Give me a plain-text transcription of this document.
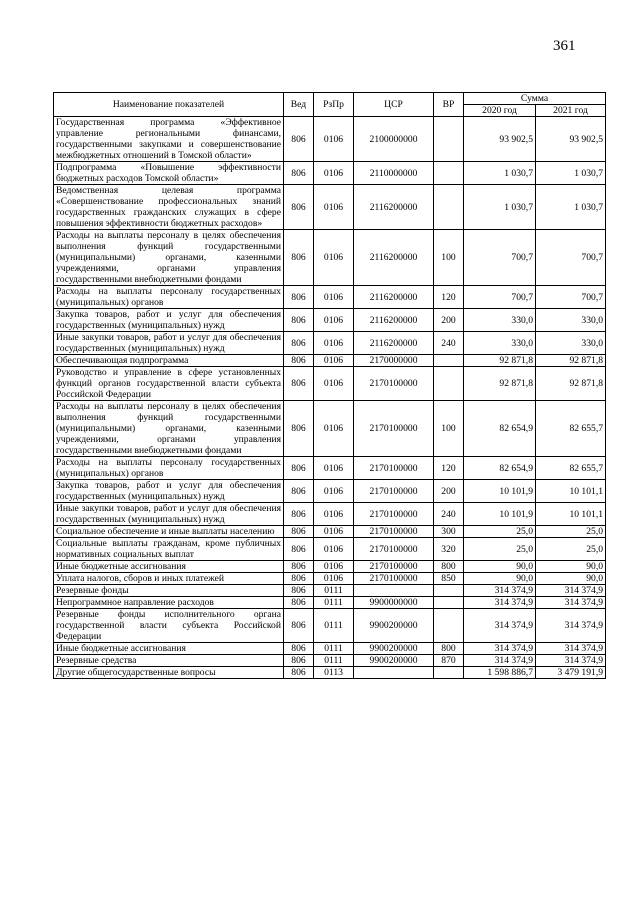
361
Наименование показателей	Вед	РзПр	ЦСР	ВР	Сумма	
					2020 год	2021 год
Государственная программа «Эффективное управление региональными финансами, государственными закупками и совершенствование межбюджетных отношений в Томской области»	806	0106	2100000000		93 902,5	93 902,5
Подпрограмма «Повышение эффективности бюджетных расходов Томской области»	806	0106	2110000000		1 030,7	1 030,7
Ведомственная целевая программа «Совершенствование профессиональных знаний государственных гражданских служащих в сфере повышения эффективности бюджетных расходов»	806	0106	2116200000		1 030,7	1 030,7
Расходы на выплаты персоналу в целях обеспечения выполнения функций государственными (муниципальными) органами, казенными учреждениями, органами управления государственными внебюджетными фондами	806	0106	2116200000	100	700,7	700,7
Расходы на выплаты персоналу государственных (муниципальных) органов	806	0106	2116200000	120	700,7	700,7
Закупка товаров, работ и услуг для обеспечения государственных (муниципальных) нужд	806	0106	2116200000	200	330,0	330,0
Иные закупки товаров, работ и услуг для обеспечения государственных (муниципальных) нужд	806	0106	2116200000	240	330,0	330,0
Обеспечивающая подпрограмма	806	0106	2170000000		92 871,8	92 871,8
Руководство и управление в сфере установленных функций органов государственной власти субъекта Российской Федерации	806	0106	2170100000		92 871,8	92 871,8
Расходы на выплаты персоналу в целях обеспечения выполнения функций государственными (муниципальными) органами, казенными учреждениями, органами управления государственными внебюджетными фондами	806	0106	2170100000	100	82 654,9	82 655,7
Расходы на выплаты персоналу государственных (муниципальных) органов	806	0106	2170100000	120	82 654,9	82 655,7
Закупка товаров, работ и услуг для обеспечения государственных (муниципальных) нужд	806	0106	2170100000	200	10 101,9	10 101,1
Иные закупки товаров, работ и услуг для обеспечения государственных (муниципальных) нужд	806	0106	2170100000	240	10 101,9	10 101,1
Социальное обеспечение и иные выплаты населению	806	0106	2170100000	300	25,0	25,0
Социальные выплаты гражданам, кроме публичных нормативных социальных выплат	806	0106	2170100000	320	25,0	25,0
Иные бюджетные ассигнования	806	0106	2170100000	800	90,0	90,0
Уплата налогов, сборов и иных платежей	806	0106	2170100000	850	90,0	90,0
Резервные фонды	806	0111			314 374,9	314 374,9
Непрограммное направление расходов	806	0111	9900000000		314 374,9	314 374,9
Резервные фонды исполнительного органа государственной власти субъекта Российской Федерации	806	0111	9900200000		314 374,9	314 374,9
Иные бюджетные ассигнования	806	0111	9900200000	800	314 374,9	314 374,9
Резервные средства	806	0111	9900200000	870	314 374,9	314 374,9
Другие общегосударственные вопросы	806	0113			1 598 886,7	3 479 191,9
